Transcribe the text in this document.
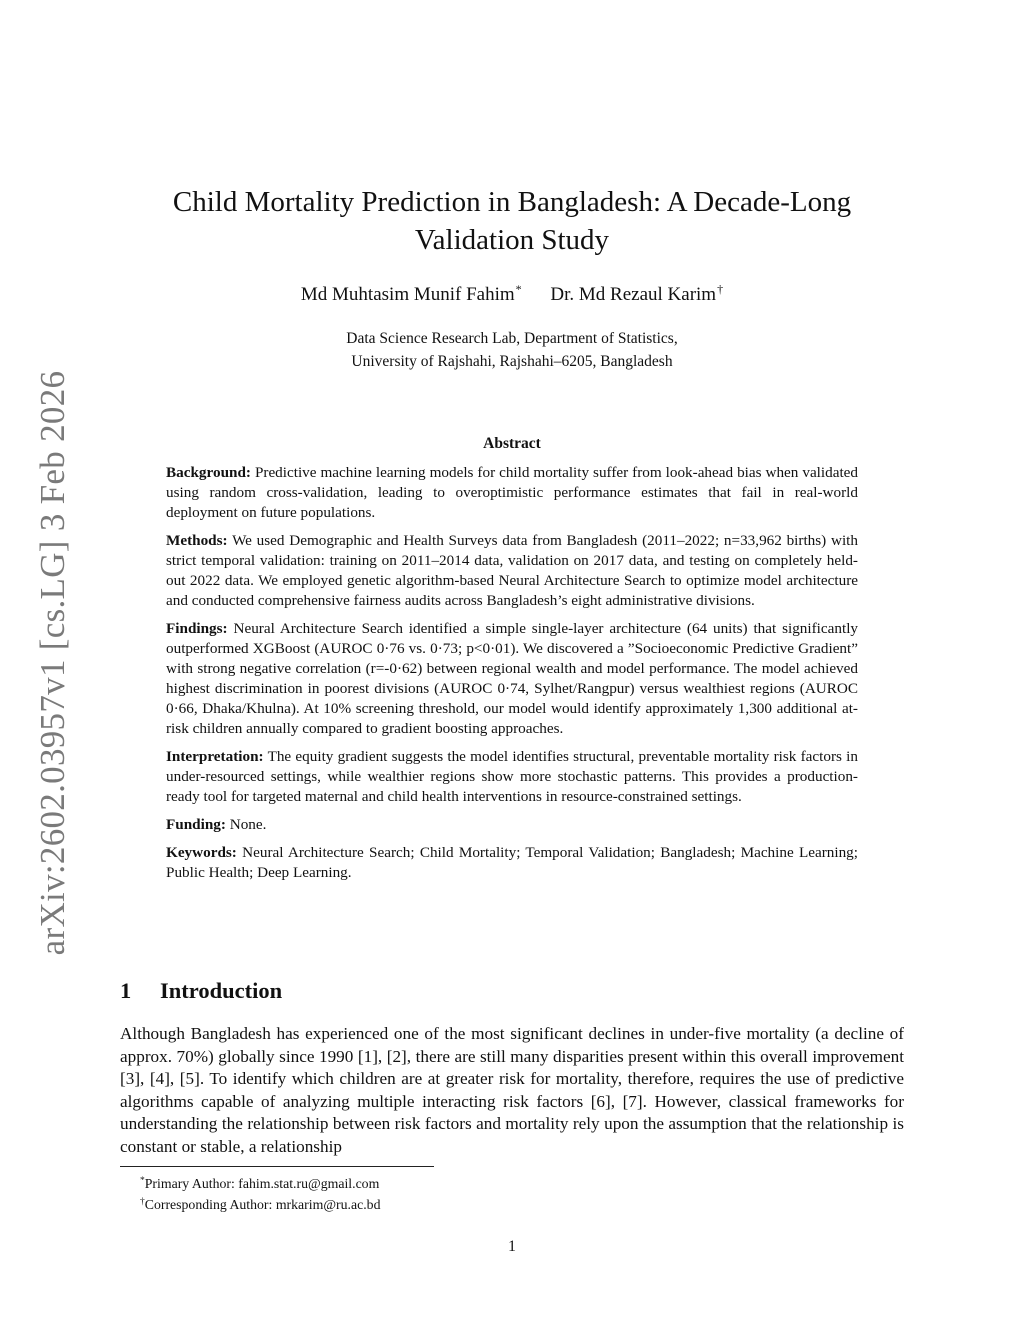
arXiv:2602.03957v1 [cs.LG] 3 Feb 2026
Child Mortality Prediction in Bangladesh: A Decade-Long Validation Study
Md Muhtasim Munif Fahim* Dr. Md Rezaul Karim†
Data Science Research Lab, Department of Statistics,
University of Rajshahi, Rajshahi–6205, Bangladesh
Abstract

Background: Predictive machine learning models for child mortality suffer from look-ahead bias when validated using random cross-validation, leading to overoptimistic performance estimates that fail in real-world deployment on future populations.

Methods: We used Demographic and Health Surveys data from Bangladesh (2011–2022; n=33,962 births) with strict temporal validation: training on 2011–2014 data, validation on 2017 data, and testing on completely held-out 2022 data. We employed genetic algorithm-based Neural Architecture Search to optimize model architecture and conducted comprehensive fairness audits across Bangladesh’s eight administrative divisions.

Findings: Neural Architecture Search identified a simple single-layer architecture (64 units) that significantly outperformed XGBoost (AUROC 0·76 vs. 0·73; p<0·01). We discovered a ”Socioeconomic Predictive Gradient” with strong negative correlation (r=-0·62) between regional wealth and model performance. The model achieved highest discrimination in poorest divisions (AUROC 0·74, Sylhet/Rangpur) versus wealthiest regions (AUROC 0·66, Dhaka/Khulna). At 10% screening threshold, our model would identify approximately 1,300 additional at-risk children annually compared to gradient boosting approaches.

Interpretation: The equity gradient suggests the model identifies structural, preventable mortality risk factors in under-resourced settings, while wealthier regions show more stochastic patterns. This provides a production-ready tool for targeted maternal and child health interventions in resource-constrained settings.

Funding: None.

Keywords: Neural Architecture Search; Child Mortality; Temporal Validation; Bangladesh; Machine Learning; Public Health; Deep Learning.

1 Introduction

Although Bangladesh has experienced one of the most significant declines in under-five mortality (a decline of approx. 70%) globally since 1990 [1], [2], there are still many disparities present within this overall improvement [3], [4], [5]. To identify which children are at greater risk for mortality, therefore, requires the use of predictive algorithms capable of analyzing multiple interacting risk factors [6], [7]. However, classical frameworks for understanding the relationship between risk factors and mortality rely upon the assumption that the relationship is constant or stable, a relationship

*Primary Author: fahim.stat.ru@gmail.com
†Corresponding Author: mrkarim@ru.ac.bd
1
